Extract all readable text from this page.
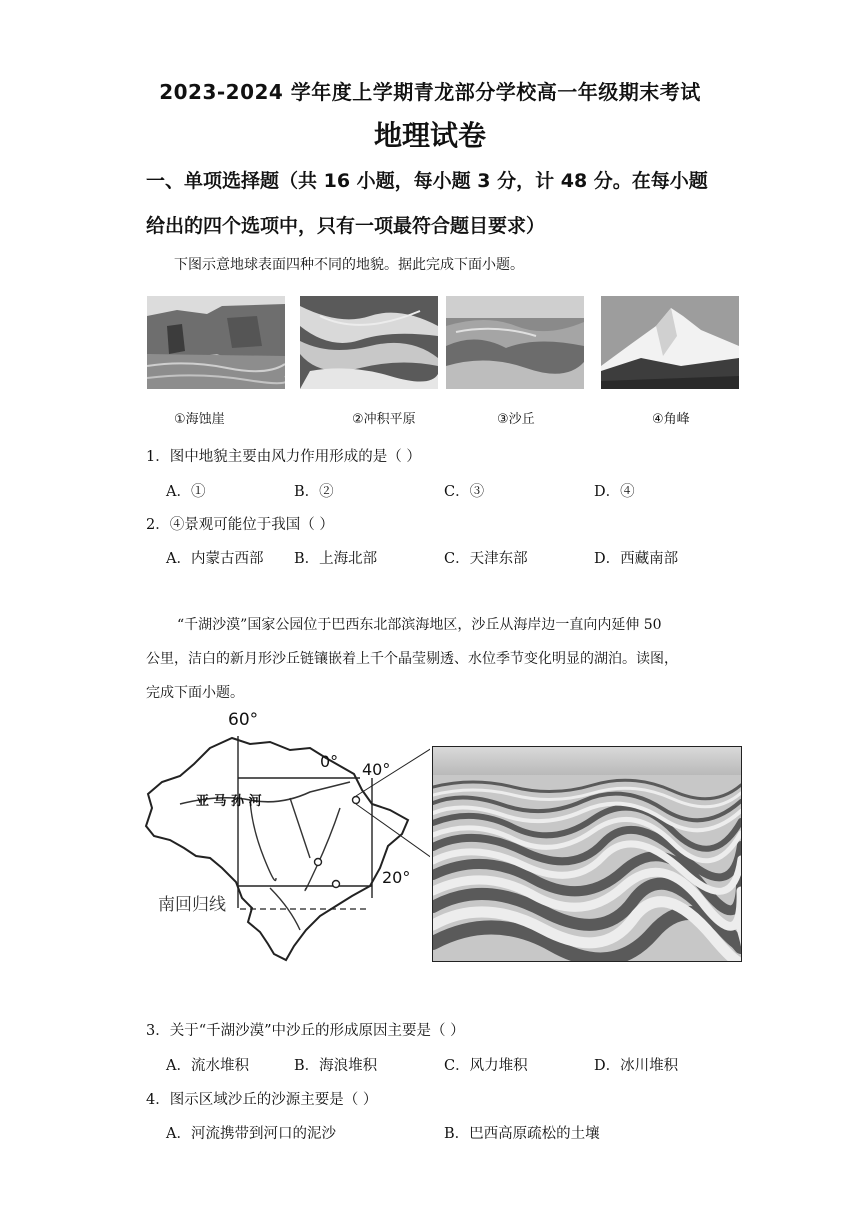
2023-2024 学年度上学期青龙部分学校高一年级期末考试
地理试卷
一、单项选择题（共 16 小题，每小题 3 分，计 48 分。在每小题
给出的四个选项中，只有一项最符合题目要求）
下图示意地球表面四种不同的地貌。据此完成下面小题。
①海蚀崖	②冲积平原	③沙丘	④角峰
1．图中地貌主要由风力作用形成的是（ ）
A．①	B．②	C．③	D．④
2．④景观可能位于我国（ ）
A．内蒙古西部 B．上海北部	C．天津东部	D．西藏南部
“千湖沙漠”国家公园位于巴西东北部滨海地区，沙丘从海岸边一直向内延伸 50
公里，洁白的新月形沙丘链镶嵌着上千个晶莹剔透、水位季节变化明显的湖泊。读图，
完成下面小题。
60°
0° 40°
20°
亚 马 孙 河
南回归线
3．关于“千湖沙漠”中沙丘的形成原因主要是（ ）
A．流水堆积	B．海浪堆积	C．风力堆积	D．冰川堆积
4．图示区域沙丘的沙源主要是（ ）
A．河流携带到河口的泥沙	B．巴西高原疏松的土壤
